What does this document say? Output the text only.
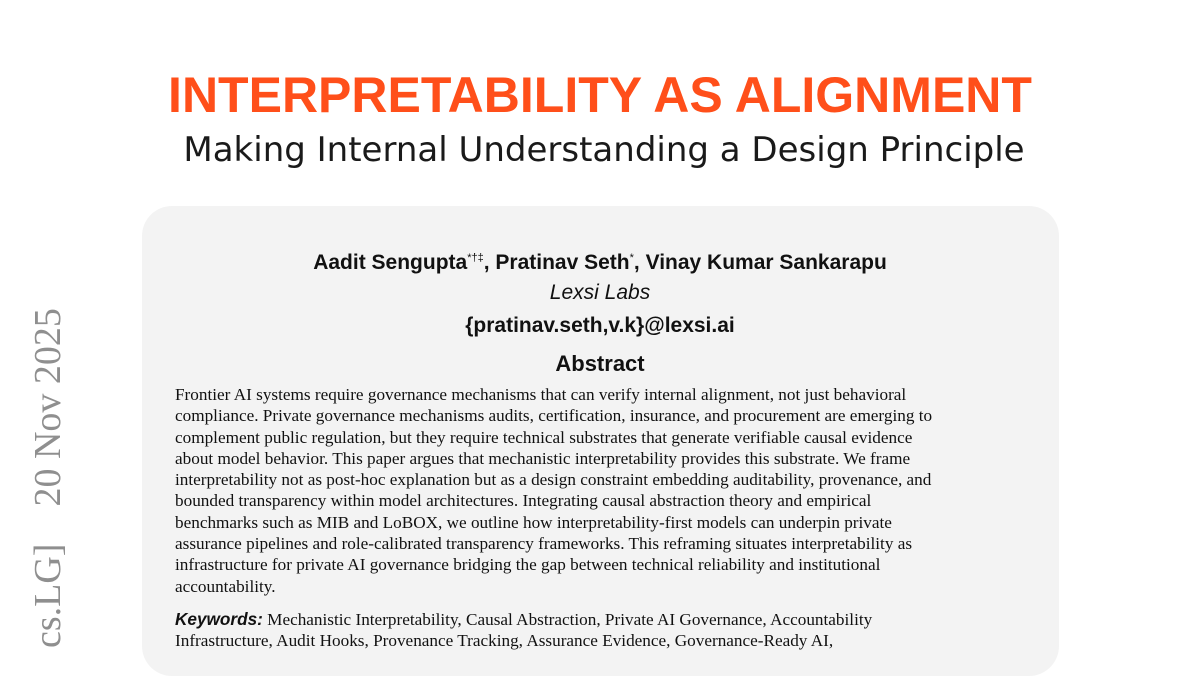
INTERPRETABILITY AS ALIGNMENT
Making Internal Understanding a Design Principle
cs.LG]  20 Nov 2025
Aadit Sengupta*†‡, Pratinav Seth*, Vinay Kumar Sankarapu
Lexsi Labs
{pratinav.seth,v.k}@lexsi.ai
Abstract
Frontier AI systems require governance mechanisms that can verify internal alignment, not just behavioral
compliance. Private governance mechanisms audits, certification, insurance, and procurement are emerging to
complement public regulation, but they require technical substrates that generate verifiable causal evidence
about model behavior. This paper argues that mechanistic interpretability provides this substrate. We frame
interpretability not as post-hoc explanation but as a design constraint embedding auditability, provenance, and
bounded transparency within model architectures. Integrating causal abstraction theory and empirical
benchmarks such as MIB and LoBOX, we outline how interpretability-first models can underpin private
assurance pipelines and role-calibrated transparency frameworks. This reframing situates interpretability as
infrastructure for private AI governance bridging the gap between technical reliability and institutional
accountability.
Keywords: Mechanistic Interpretability, Causal Abstraction, Private AI Governance, Accountability
Infrastructure, Audit Hooks, Provenance Tracking, Assurance Evidence, Governance-Ready AI,
